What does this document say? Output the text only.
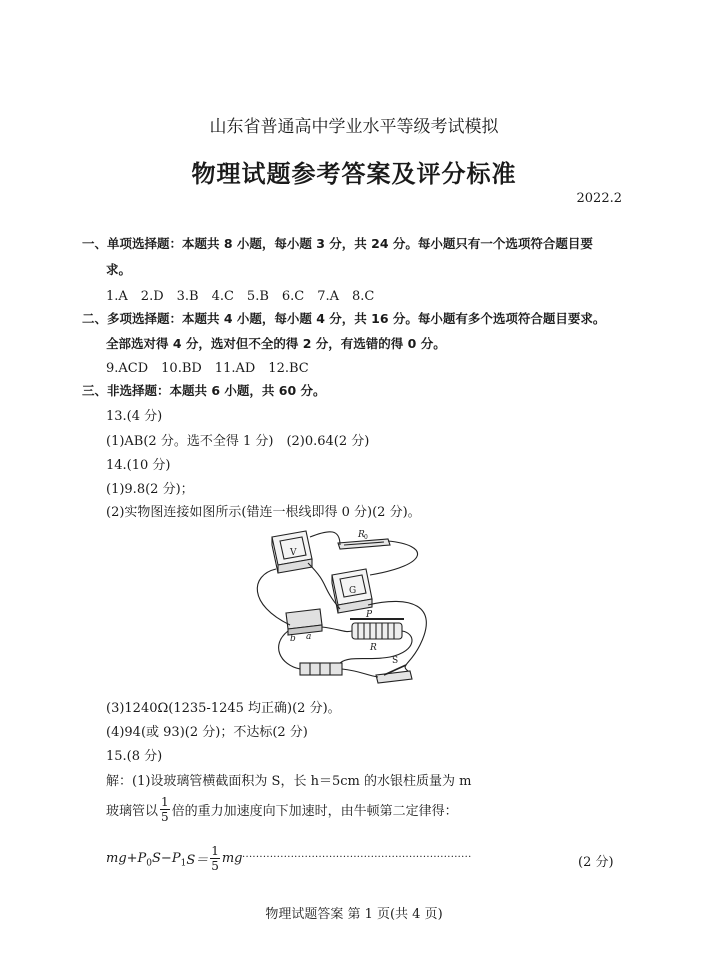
山东省普通高中学业水平等级考试模拟
物理试题参考答案及评分标准
2022.2
一、单项选择题：本题共 8 小题，每小题 3 分，共 24 分。每小题只有一个选项符合题目要
求。
1.A　2.D　3.B　4.C　5.B　6.C　7.A　8.C
二、多项选择题：本题共 4 小题，每小题 4 分，共 16 分。每小题有多个选项符合题目要求。
全部选对得 4 分，选对但不全的得 2 分，有选错的得 0 分。
9.ACD　10.BD　11.AD　12.BC
三、非选择题：本题共 6 小题，共 60 分。
13.(4 分)
(1)AB(2 分。选不全得 1 分)　(2)0.64(2 分)
14.(10 分)
(1)9.8(2 分)；
(2)实物图连接如图所示(错连一根线即得 0 分)(2 分)。
V
G
R 0
P
R
b a
S
(3)1240Ω(1235-1245 均正确)(2 分)。
(4)94(或 93)(2 分)；不达标(2 分)
15.(8 分)
解：(1)设玻璃管横截面积为 S，长 h＝5cm 的水银柱质量为 m
玻璃管以 $\frac{1}{5}$ 倍的重力加速度向下加速时，由牛顿第二定律得：
$mg+P_0S-P_1S= \frac{1}{5}$ mg ··································································	(2 分)
物理试题答案 第 1 页(共 4 页)
